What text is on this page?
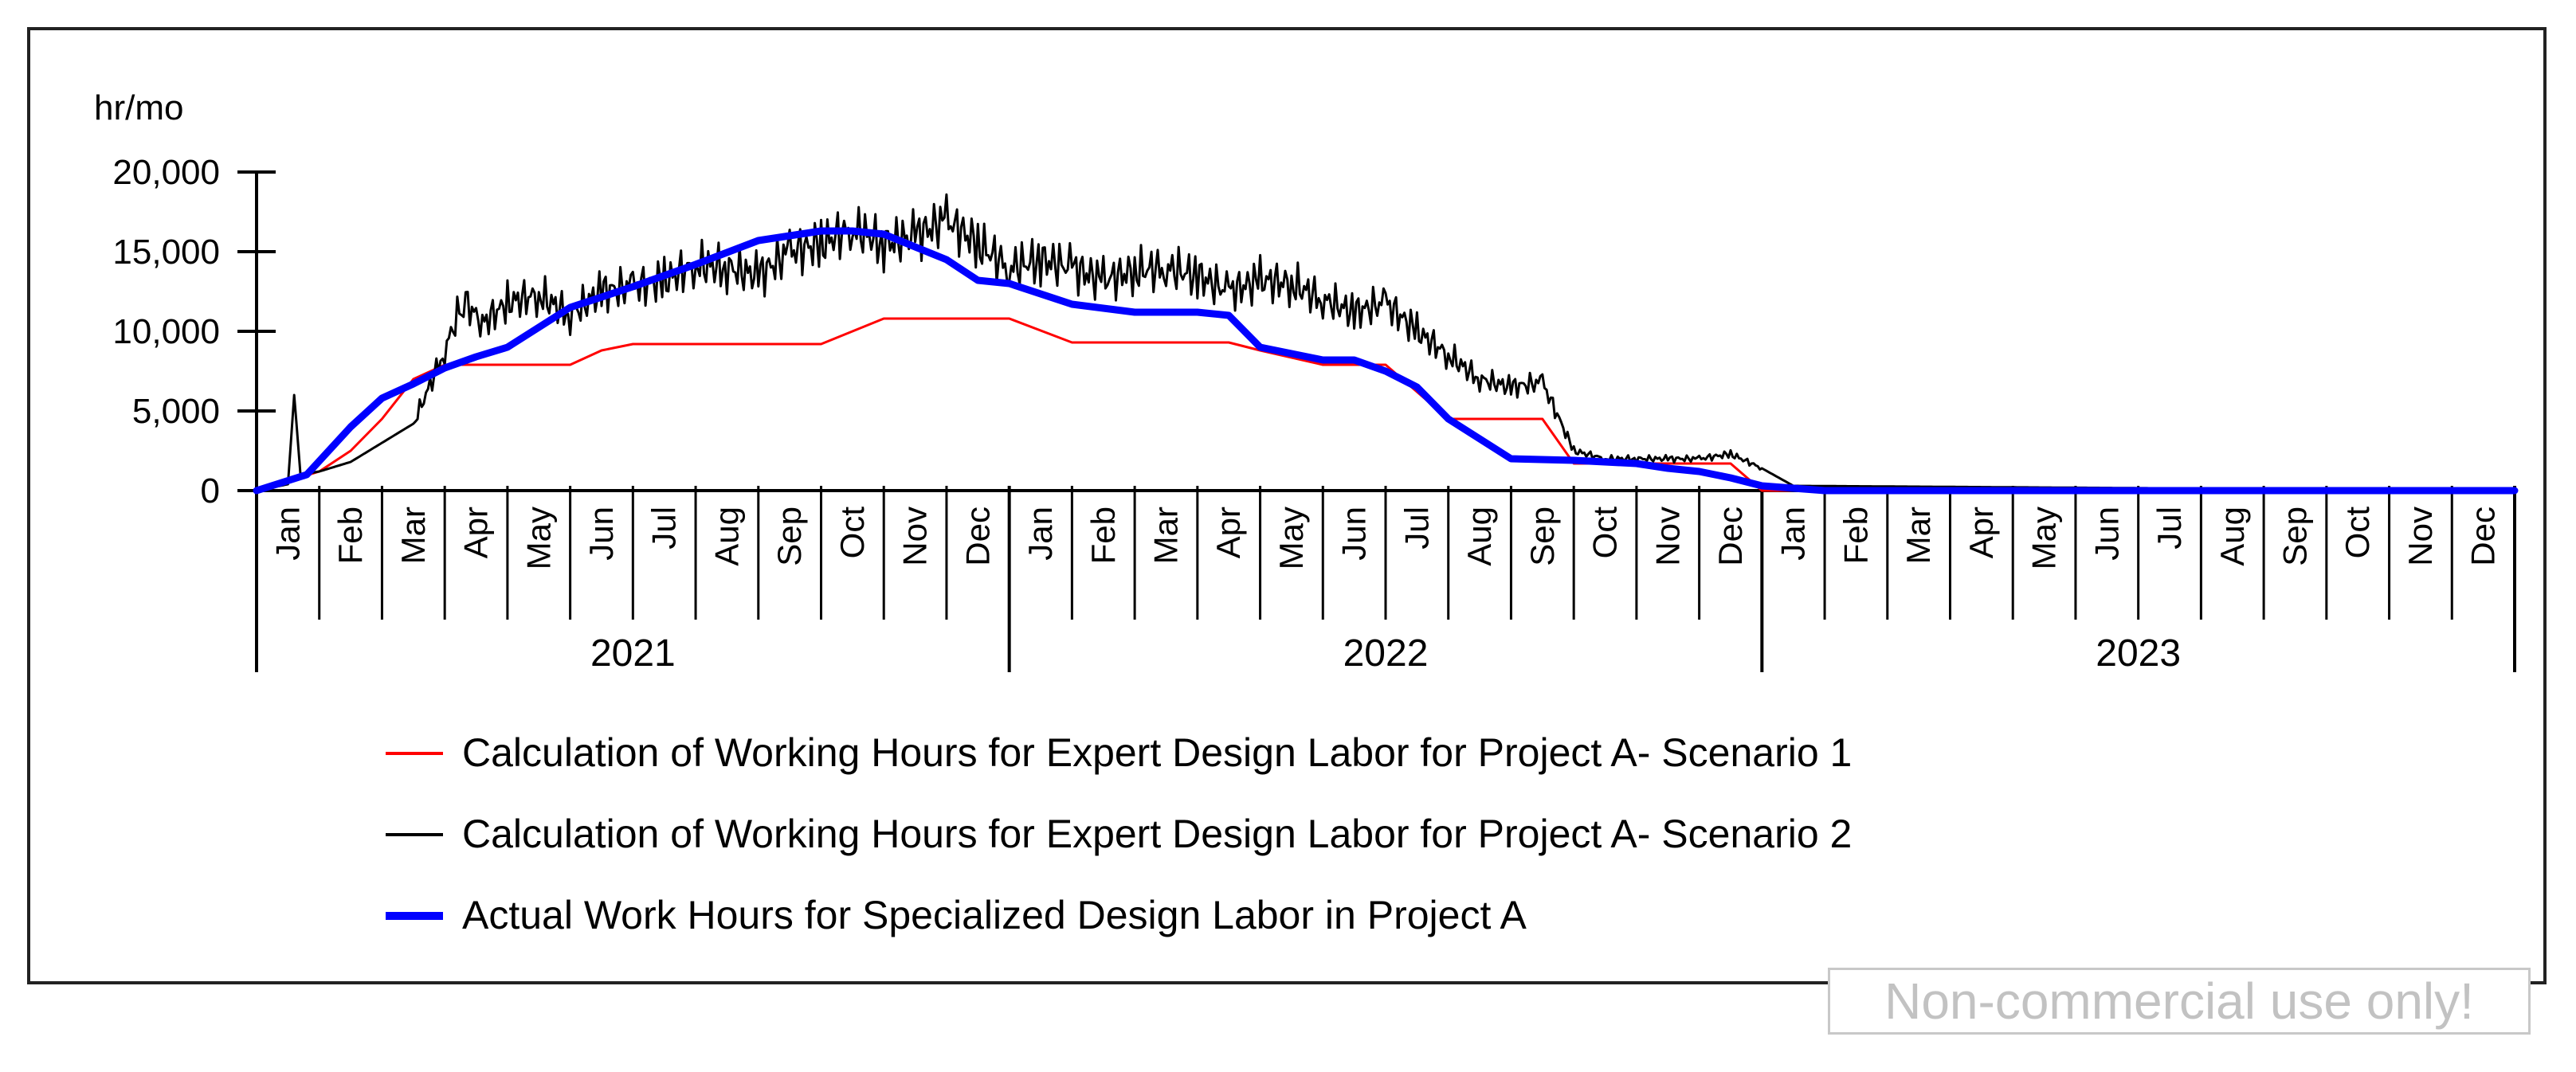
hr/mo
0
5,000
10,000
15,000
20,000
Jan Feb Mar Apr May Jun Jul Aug Sep Oct Nov Dec Jan Feb Mar Apr May Jun Jul Aug Sep Oct Nov Dec Jan Feb Mar Apr May Jun Jul Aug Sep Oct Nov Dec
2021	2022	2023
Calculation of Working Hours for Expert Design Labor for Project A- Scenario 1
Calculation of Working Hours for Expert Design Labor for Project A- Scenario 2
Actual Work Hours for Specialized Design Labor in Project A
Non-commercial use only!
